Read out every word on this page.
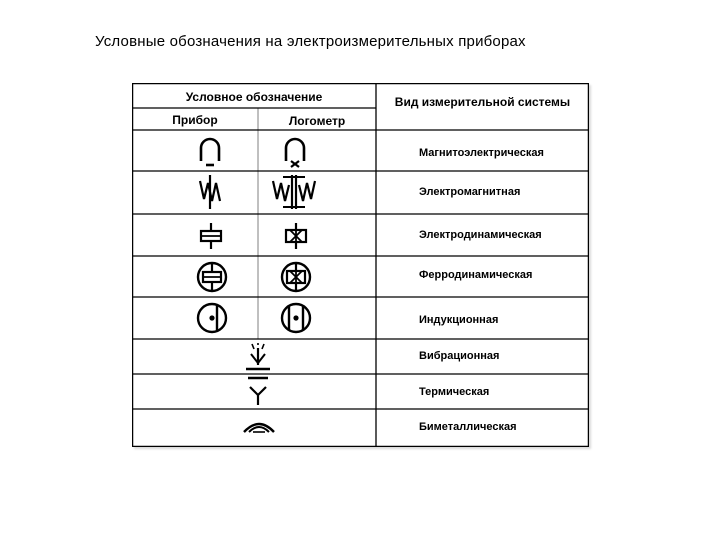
Условные обозначения на электроизмерительных приборах
Условное обозначение
Прибор	Логометр
Вид измерительной системы
Магнитоэлектрическая
Электромагнитная
Электродинамическая
Ферродинамическая
Индукционная
Вибрационная
Термическая
Биметаллическая
